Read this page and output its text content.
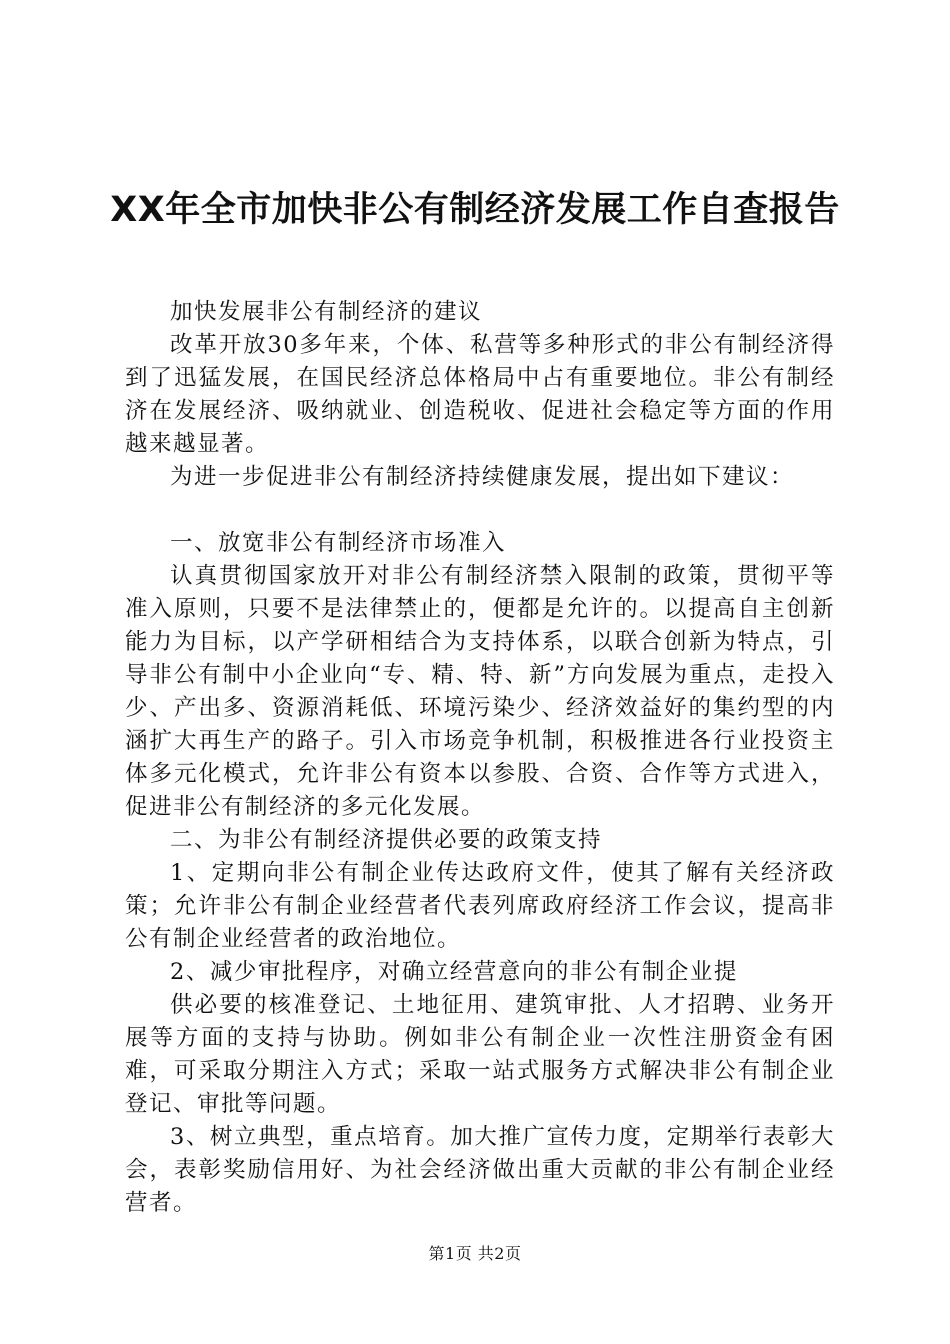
XX年全市加快非公有制经济发展工作自查报告

加快发展非公有制经济的建议

改革开放30多年来，个体、私营等多种形式的非公有制经济得到了迅猛发展，在国民经济总体格局中占有重要地位。非公有制经济在发展经济、吸纳就业、创造税收、促进社会稳定等方面的作用越来越显著。

为进一步促进非公有制经济持续健康发展，提出如下建议：

一、放宽非公有制经济市场准入

认真贯彻国家放开对非公有制经济禁入限制的政策，贯彻平等准入原则，只要不是法律禁止的，便都是允许的。以提高自主创新能力为目标，以产学研相结合为支持体系，以联合创新为特点，引导非公有制中小企业向“专、精、特、新”方向发展为重点，走投入少、产出多、资源消耗低、环境污染少、经济效益好的集约型的内涵扩大再生产的路子。引入市场竞争机制，积极推进各行业投资主体多元化模式，允许非公有资本以参股、合资、合作等方式进入，促进非公有制经济的多元化发展。

二、为非公有制经济提供必要的政策支持

1、定期向非公有制企业传达政府文件，使其了解有关经济政策；允许非公有制企业经营者代表列席政府经济工作会议，提高非公有制企业经营者的政治地位。

2、减少审批程序，对确立经营意向的非公有制企业提

供必要的核准登记、土地征用、建筑审批、人才招聘、业务开展等方面的支持与协助。例如非公有制企业一次性注册资金有困难，可采取分期注入方式；采取一站式服务方式解决非公有制企业登记、审批等问题。

3、树立典型，重点培育。加大推广宣传力度，定期举行表彰大会，表彰奖励信用好、为社会经济做出重大贡献的非公有制企业经营者。

第1页 共2页
